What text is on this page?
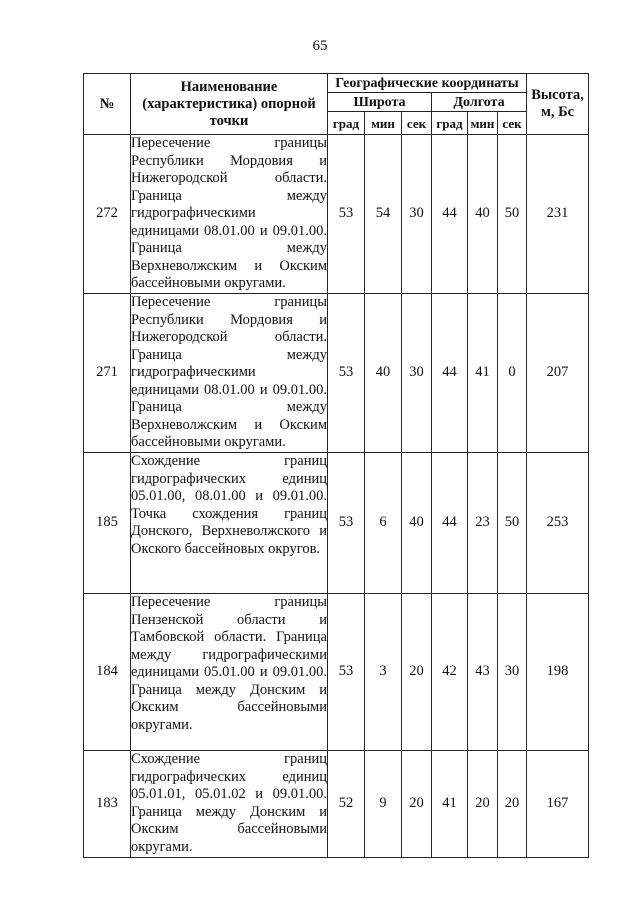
65
№	Наименование (характеристика) опорной точки	Географические координаты						Высота, м, Бс
		Широта			Долгота			
		град	мин	сек	град	мин	сек	
272	Пересечение границы Республики Мордовия и Нижегородской области. Граница между гидрографическими единицами 08.01.00 и 09.01.00. Граница между Верхневолжским и Окским бассейновыми округами.	53	54	30	44	40	50	231
271	Пересечение границы Республики Мордовия и Нижегородской области. Граница между гидрографическими единицами 08.01.00 и 09.01.00. Граница между Верхневолжским и Окским бассейновыми округами.	53	40	30	44	41	0	207
185	Схождение границ гидрографических единиц 05.01.00, 08.01.00 и 09.01.00. Точка схождения границ Донского, Верхневолжского и Окского бассейновых округов.	53	6	40	44	23	50	253
184	Пересечение границы Пензенской области и Тамбовской области. Граница между гидрографическими единицами 05.01.00 и 09.01.00. Граница между Донским и Окским бассейновыми округами.	53	3	20	42	43	30	198
183	Схождение границ гидрографических единиц 05.01.01, 05.01.02 и 09.01.00. Граница между Донским и Окским бассейновыми округами.	52	9	20	41	20	20	167
